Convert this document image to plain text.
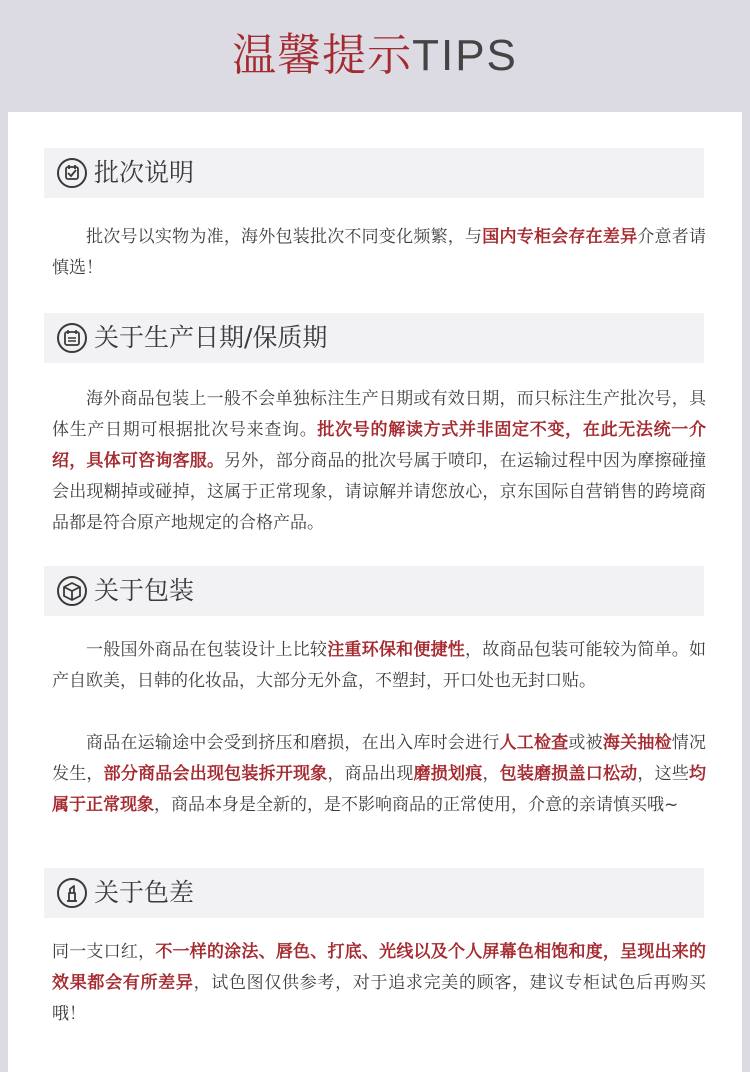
温馨提示TIPS
批次说明
批次号以实物为准，海外包装批次不同变化频繁，与国内专柜会存在差异介意者请慎选！
关于生产日期/保质期
海外商品包装上一般不会单独标注生产日期或有效日期，而只标注生产批次号，具体生产日期可根据批次号来查询。批次号的解读方式并非固定不变，在此无法统一介绍，具体可咨询客服。另外，部分商品的批次号属于喷印，在运输过程中因为摩擦碰撞会出现糊掉或碰掉，这属于正常现象，请谅解并请您放心，京东国际自营销售的跨境商品都是符合原产地规定的合格产品。
关于包装
一般国外商品在包装设计上比较注重环保和便捷性，故商品包装可能较为简单。如产自欧美，日韩的化妆品，大部分无外盒，不塑封，开口处也无封口贴。
商品在运输途中会受到挤压和磨损，在出入库时会进行人工检查或被海关抽检情况发生，部分商品会出现包装拆开现象，商品出现磨损划痕，包装磨损盖口松动，这些均属于正常现象，商品本身是全新的，是不影响商品的正常使用，介意的亲请慎买哦~
关于色差
同一支口红，不一样的涂法、唇色、打底、光线以及个人屏幕色相饱和度，呈现出来的效果都会有所差异，试色图仅供参考，对于追求完美的顾客，建议专柜试色后再购买哦！
